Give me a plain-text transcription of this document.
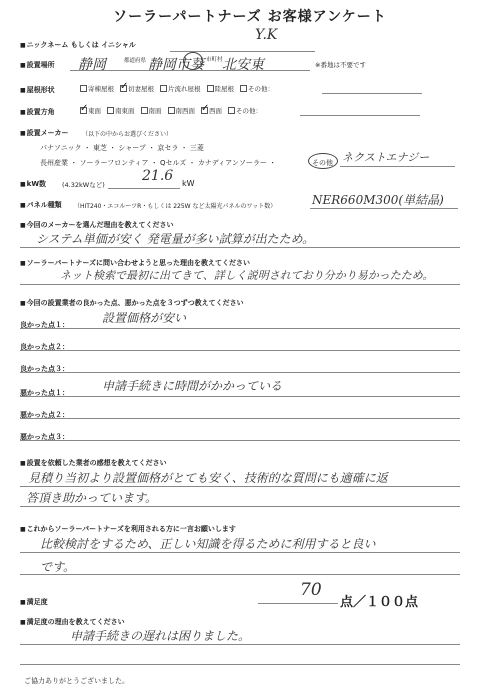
ソーラーパートナーズ お客様アンケート
■ ニックネーム もしくは イニシャル
Y.K
■ 設置場所 静岡	都道府県 静岡市葵 市町村 北安東	※番地は不要です
■ 屋根形状	寄棟屋根 ✓ 切妻屋根 片流れ屋根 陸屋根 その他：
■ 設置方角 ✓	東面 南東面 南面 南西面 ✓ 西面 その他：
■ 設置メーカー （以下の中からお選びください）
パナソニック ・ 東芝 ・ シャープ ・ 京セラ ・ 三菱
長州産業 ・ ソーラーフロンティア ・ Qセルズ ・ カナディアンソーラー ・	その他 ネクストエナジー
■ kW数 (4.32kWなど)
21.6 kW
■ パネル種類 （HIT240・エコルーツR・もしくは 225W など太陽光パネルのワット数）	NER660M300(単結晶)
■ 今回のメーカーを選んだ理由を教えてください
システム単価が安く 発電量が多い試算が出たため。
■ ソーラーパートナーズに問い合わせようと思った理由を教えてください
ネット検索で最初に出てきて、詳しく説明されており分かり易かったため。
■ 今回の設置業者の良かった点、悪かった点を３つずつ教えてください
良かった点１：	設置価格が安い
良かった点２：
良かった点３：
悪かった点１：	申請手続きに時間がかかっている
悪かった点２：
悪かった点３：
■ 設置を依頼した業者の感想を教えてください
見積り当初より設置価格がとても安く、技術的な質問にも適確に返
答頂き助かっています。
■ これからソーラーパートナーズを利用される方に一言お願いします
比較検討をするため、正しい知識を得るために利用すると良い
です。
■ 満足度
70
点／１００点
■ 満足度の理由を教えてください
申請手続きの遅れは困りました。
ご協力ありがとうございました。
